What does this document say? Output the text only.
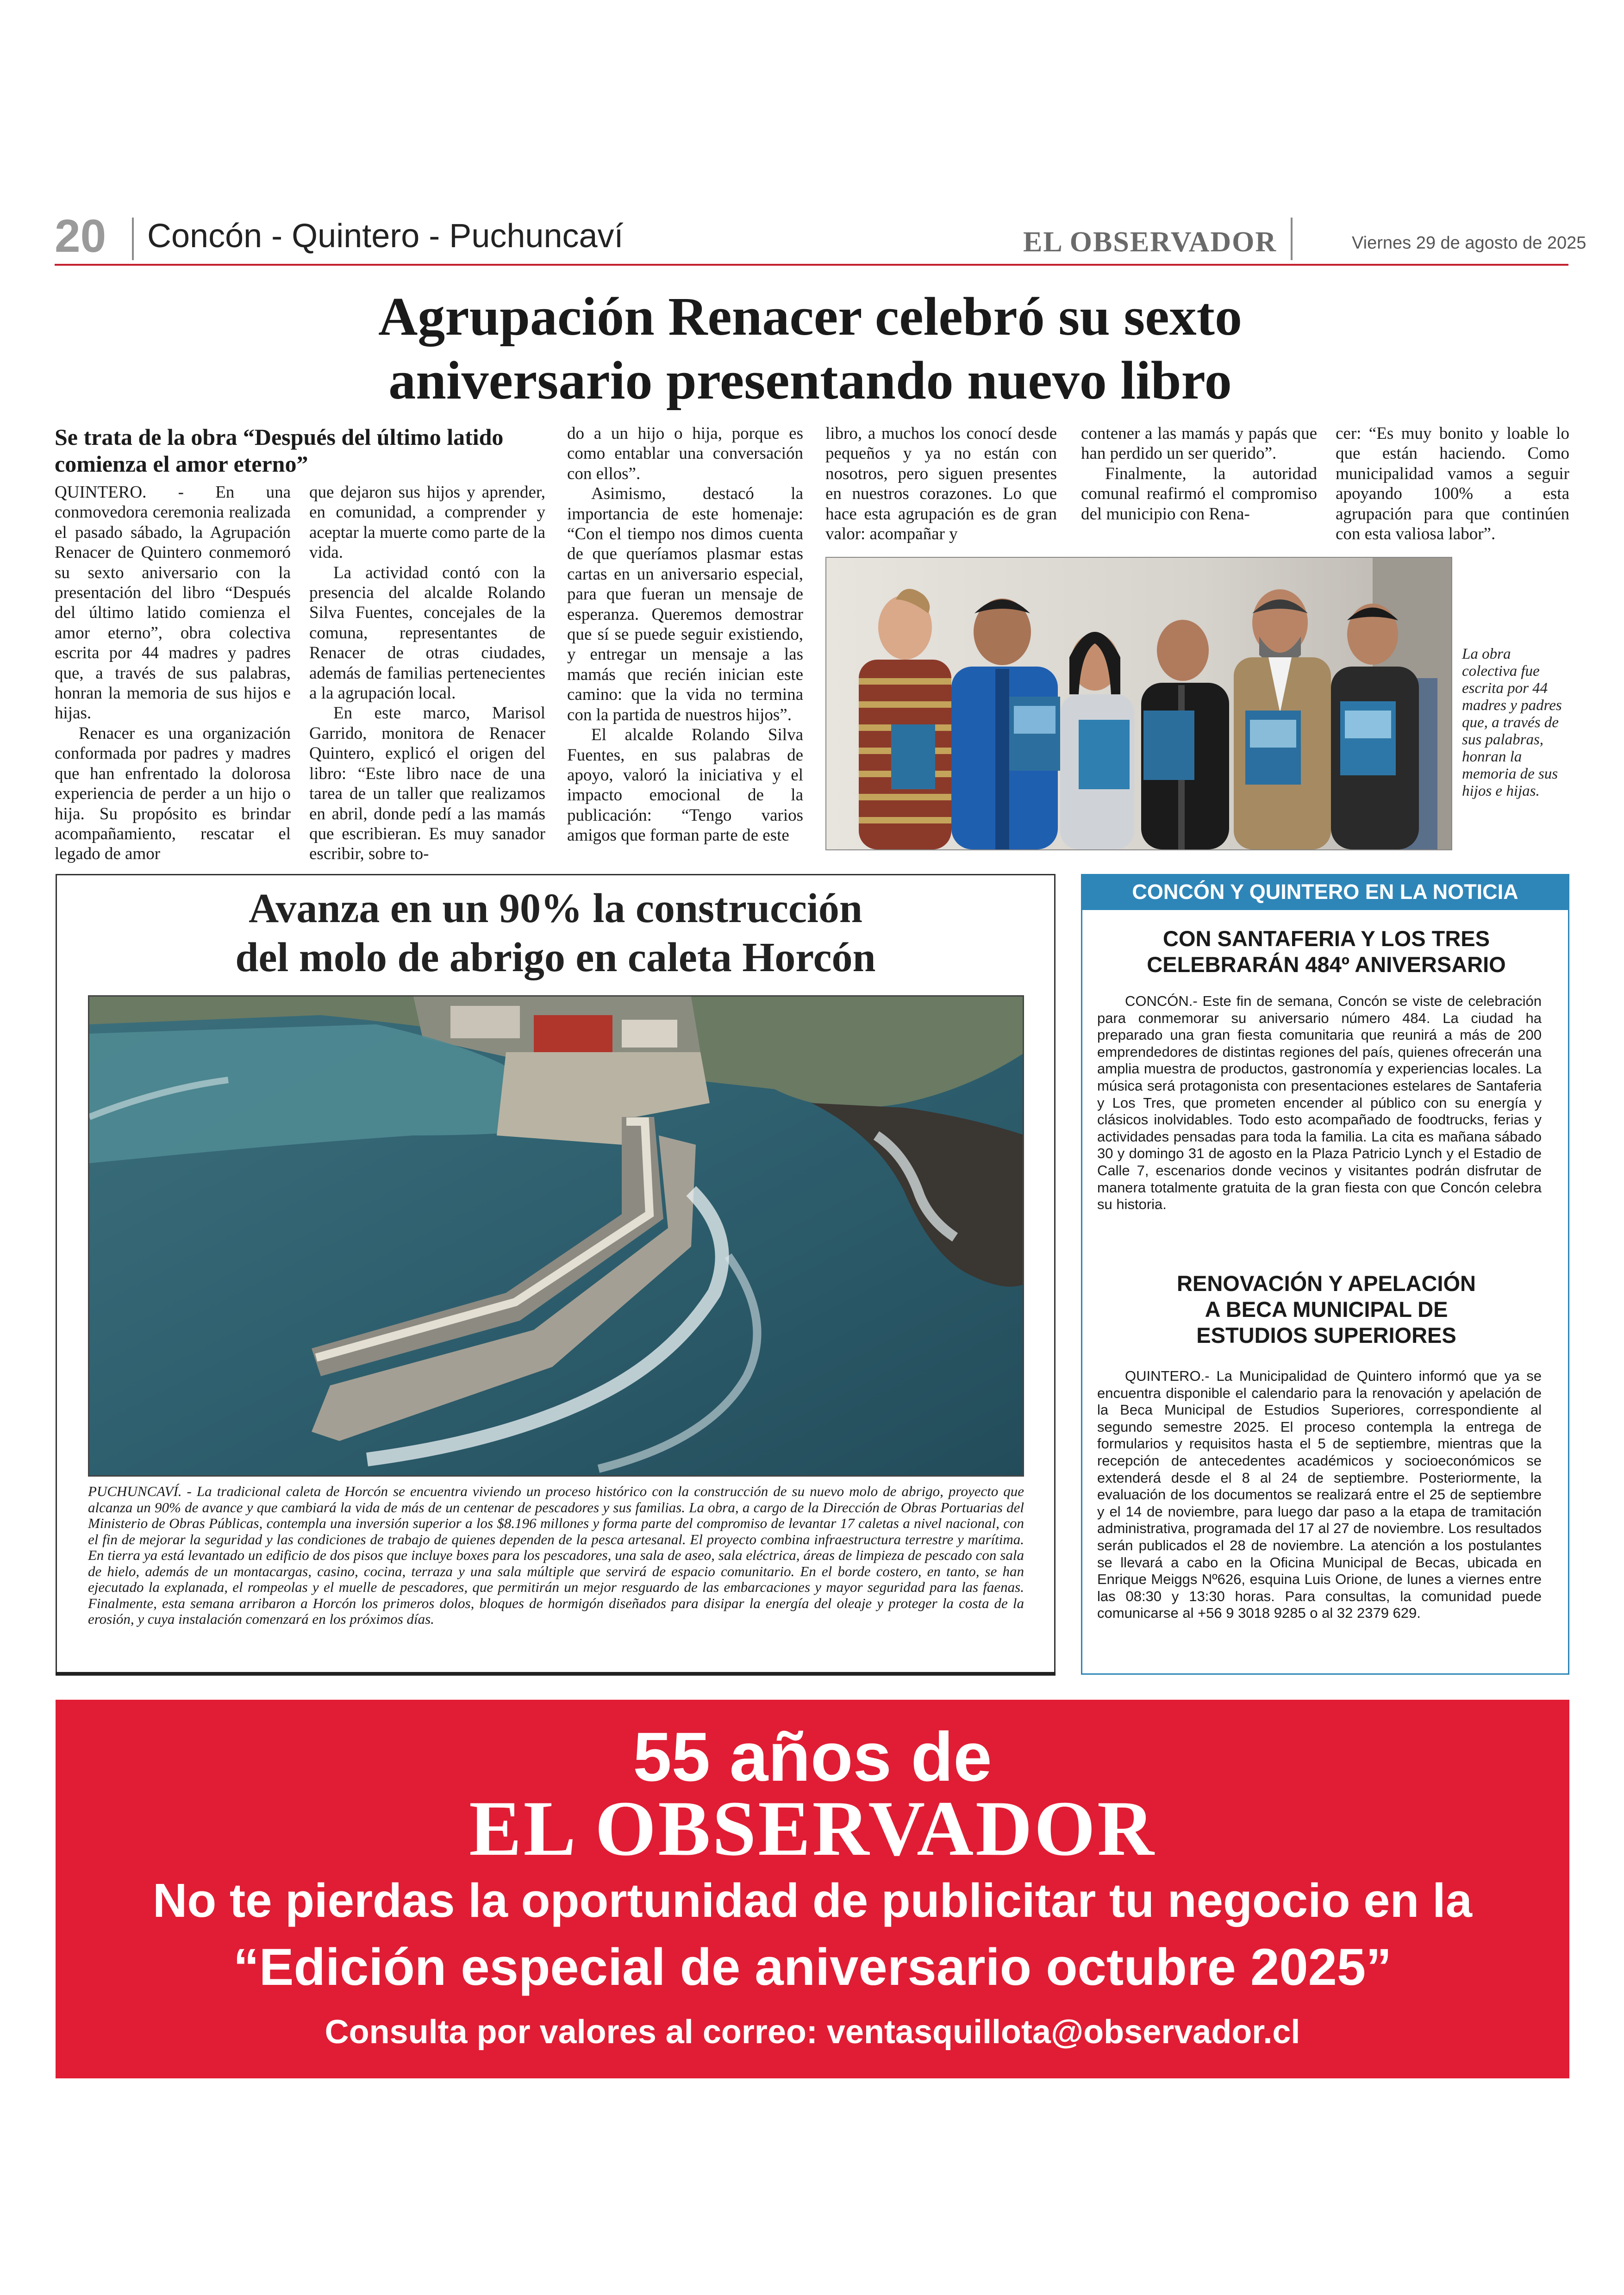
20 Concón - Quintero - Puchuncaví	EL OBSERVADOR	Viernes 29 de agosto de 2025
Agrupación Renacer celebró su sexto
aniversario presentando nuevo libro
Se trata de la obra “Después del último latido comienza el amor eterno”

QUINTERO. - En una conmovedora ceremonia realizada el pasado sábado, la Agrupación Renacer de Quintero conmemoró su sexto aniversario con la presentación del libro “Después del último latido comienza el amor eterno”, obra colectiva escrita por 44 madres y padres que, a través de sus palabras, honran la memoria de sus hijos e hijas.

Renacer es una organización conformada por padres y madres que han enfrentado la dolorosa experiencia de perder a un hijo o hija. Su propósito es brindar acompañamiento, rescatar el legado de amor

que dejaron sus hijos y aprender, en comunidad, a comprender y aceptar la muerte como parte de la vida.

La actividad contó con la presencia del alcalde Rolando Silva Fuentes, concejales de la comuna, representantes de Renacer de otras ciudades, además de familias pertenecientes a la agrupación local.

En este marco, Marisol Garrido, monitora de Renacer Quintero, explicó el origen del libro: “Este libro nace de una tarea de un taller que realizamos en abril, donde pedí a las mamás que escribieran. Es muy sanador escribir, sobre to-

do a un hijo o hija, porque es como entablar una conversación con ellos”.

Asimismo, destacó la importancia de este homenaje: “Con el tiempo nos dimos cuenta de que queríamos plasmar estas cartas en un aniversario especial, para que fueran un mensaje de esperanza. Queremos demostrar que sí se puede seguir existiendo, y entregar un mensaje a las mamás que recién inician este camino: que la vida no termina con la partida de nuestros hijos”.

El alcalde Rolando Silva Fuentes, en sus palabras de apoyo, valoró la iniciativa y el impacto emocional de la publicación: “Tengo varios amigos que forman parte de este

libro, a muchos los conocí desde pequeños y ya no están con nosotros, pero siguen presentes en nuestros corazones. Lo que hace esta agrupación es de gran valor: acompañar y

contener a las mamás y papás que han perdido un ser querido”.

Finalmente, la autoridad comunal reafirmó el compromiso del municipio con Rena-

cer: “Es muy bonito y loable lo que están haciendo. Como municipalidad vamos a seguir apoyando 100% a esta agrupación para que continúen con esta valiosa labor”.

La obra colectiva fue escrita por 44 madres y padres que, a través de sus palabras, honran la memoria de sus hijos e hijas.
Avanza en un 90% la construcción
del molo de abrigo en caleta Horcón
PUCHUNCAVÍ. - La tradicional caleta de Horcón se encuentra viviendo un proceso histórico con la construcción de su nuevo molo de abrigo, proyecto que alcanza un 90% de avance y que cambiará la vida de más de un centenar de pescadores y sus familias. La obra, a cargo de la Dirección de Obras Portuarias del Ministerio de Obras Públicas, contempla una inversión superior a los $8.196 millones y forma parte del compromiso de levantar 17 caletas a nivel nacional, con el fin de mejorar la seguridad y las condiciones de trabajo de quienes dependen de la pesca artesanal. El proyecto combina infraestructura terrestre y marítima. En tierra ya está levantado un edificio de dos pisos que incluye boxes para los pescadores, una sala de aseo, sala eléctrica, áreas de limpieza de pescado con sala de hielo, además de un montacargas, casino, cocina, terraza y una sala múltiple que servirá de espacio comunitario. En el borde costero, en tanto, se han ejecutado la explanada, el rompeolas y el muelle de pescadores, que permitirán un mejor resguardo de las embarcaciones y mayor seguridad para las faenas. Finalmente, esta semana arribaron a Horcón los primeros dolos, bloques de hormigón diseñados para disipar la energía del oleaje y proteger la costa de la erosión, y cuya instalación comenzará en los próximos días.
CONCÓN Y QUINTERO EN LA NOTICIA
CON SANTAFERIA Y LOS TRES
CELEBRARÁN 484º ANIVERSARIO

CONCÓN.- Este fin de semana, Concón se viste de celebración para conmemorar su aniversario número 484. La ciudad ha preparado una gran fiesta comunitaria que reunirá a más de 200 emprendedores de distintas regiones del país, quienes ofrecerán una amplia muestra de productos, gastronomía y experiencias locales. La música será protagonista con presentaciones estelares de Santaferia y Los Tres, que prometen encender al público con su energía y clásicos inolvidables. Todo esto acompañado de foodtrucks, ferias y actividades pensadas para toda la familia. La cita es mañana sábado 30 y domingo 31 de agosto en la Plaza Patricio Lynch y el Estadio de Calle 7, escenarios donde vecinos y visitantes podrán disfrutar de manera totalmente gratuita de la gran fiesta con que Concón celebra su historia.

RENOVACIÓN Y APELACIÓN
A BECA MUNICIPAL DE
ESTUDIOS SUPERIORES

QUINTERO.- La Municipalidad de Quintero informó que ya se encuentra disponible el calendario para la renovación y apelación de la Beca Municipal de Estudios Superiores, correspondiente al segundo semestre 2025. El proceso contempla la entrega de formularios y requisitos hasta el 5 de septiembre, mientras que la recepción de antecedentes académicos y socioeconómicos se extenderá desde el 8 al 24 de septiembre. Posteriormente, la evaluación de los documentos se realizará entre el 25 de septiembre y el 14 de noviembre, para luego dar paso a la etapa de tramitación administrativa, programada del 17 al 27 de noviembre. Los resultados serán publicados el 28 de noviembre. La atención a los postulantes se llevará a cabo en la Oficina Municipal de Becas, ubicada en Enrique Meiggs Nº626, esquina Luis Orione, de lunes a viernes entre las 08:30 y 13:30 horas. Para consultas, la comunidad puede comunicarse al +56 9 3018 9285 o al 32 2379 629.

55 años de
EL OBSERVADOR
No te pierdas la oportunidad de publicitar tu negocio en la
“Edición especial de aniversario octubre 2025”
Consulta por valores al correo: ventasquillota@observador.cl
